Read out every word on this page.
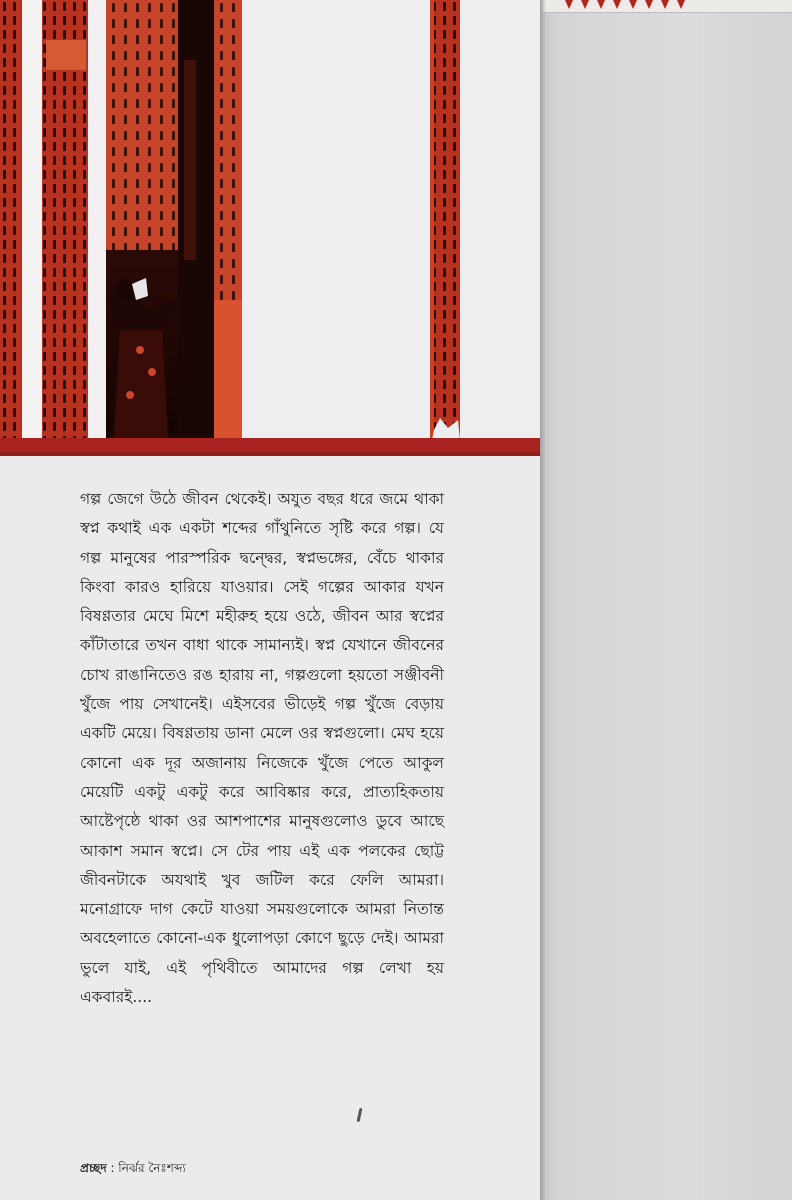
গল্প জেগে উঠে জীবন থেকেই। অযুত বছর ধরে জমে থাকা স্বপ্ন কথাই এক একটা শব্দের গাঁথুনিতে সৃষ্টি করে গল্প। যে গল্প মানুষের পারস্পরিক দ্বন্দ্বের, স্বপ্নভঙ্গের, বেঁচে থাকার কিংবা কারও হারিয়ে যাওয়ার। সেই গল্পের আকার যখন বিষণ্ণতার মেঘে মিশে মহীরুহ হয়ে ওঠে, জীবন আর স্বপ্নের কাঁটাতারে তখন বাধা থাকে সামান্যই। স্বপ্ন যেখানে জীবনের চোখ রাঙানিতেও রঙ হারায় না, গল্পগুলো হয়তো সঞ্জীবনী খুঁজে পায় সেখানেই। এইসবের ভীড়েই গল্প খুঁজে বেড়ায় একটি মেয়ে। বিষণ্ণতায় ডানা মেলে ওর স্বপ্নগুলো। মেঘ হয়ে কোনো এক দূর অজানায় নিজেকে খুঁজে পেতে আকুল মেয়েটি একটু একটু করে আবিষ্কার করে, প্রাত্যহিকতায় আষ্টেপৃষ্ঠে থাকা ওর আশপাশের মানুষগুলোও ডুবে আছে আকাশ সমান স্বপ্নে। সে টের পায় এই এক পলকের ছোট্ট জীবনটাকে অযথাই খুব জটিল করে ফেলি আমরা। মনোগ্রাফে দাগ কেটে যাওয়া সময়গুলোকে আমরা নিতান্ত অবহেলাতে কোনো-এক ধুলোপড়া কোণে ছুড়ে দেই। আমরা ভুলে যাই, এই পৃথিবীতে আমাদের গল্প লেখা হয় একবারই....

প্রচ্ছদ : নির্ঝর নৈঃশব্দ্য
